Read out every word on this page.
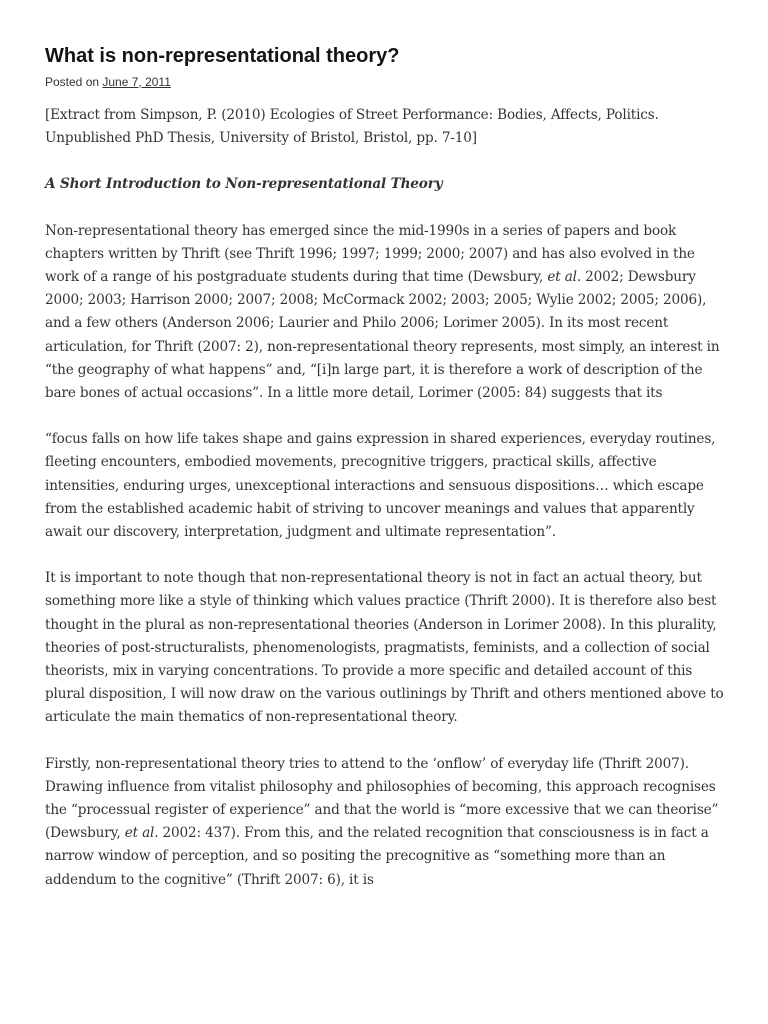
What is non-representational theory?
Posted on June 7, 2011

[Extract from Simpson, P. (2010) Ecologies of Street Performance: Bodies, Affects, Politics. Unpublished PhD Thesis, University of Bristol, Bristol, pp. 7-10]

A Short Introduction to Non-representational Theory

Non-representational theory has emerged since the mid-1990s in a series of papers and book chapters written by Thrift (see Thrift 1996; 1997; 1999; 2000; 2007) and has also evolved in the work of a range of his postgraduate students during that time (Dewsbury, et al. 2002; Dewsbury 2000; 2003; Harrison 2000; 2007; 2008; McCormack 2002; 2003; 2005; Wylie 2002; 2005; 2006), and a few others (Anderson 2006; Laurier and Philo 2006; Lorimer 2005). In its most recent articulation, for Thrift (2007: 2), non-representational theory represents, most simply, an interest in “the geography of what happens” and, “[i]n large part, it is therefore a work of description of the bare bones of actual occasions”. In a little more detail, Lorimer (2005: 84) suggests that its

“focus falls on how life takes shape and gains expression in shared experiences, everyday routines, fleeting encounters, embodied movements, precognitive triggers, practical skills, affective intensities, enduring urges, unexceptional interactions and sensuous dispositions… which escape from the established academic habit of striving to uncover meanings and values that apparently await our discovery, interpretation, judgment and ultimate representation”.

It is important to note though that non-representational theory is not in fact an actual theory, but something more like a style of thinking which values practice (Thrift 2000). It is therefore also best thought in the plural as non-representational theories (Anderson in Lorimer 2008). In this plurality, theories of post-structuralists, phenomenologists, pragmatists, feminists, and a collection of social theorists, mix in varying concentrations. To provide a more specific and detailed account of this plural disposition, I will now draw on the various outlinings by Thrift and others mentioned above to articulate the main thematics of non-representational theory.

Firstly, non-representational theory tries to attend to the ‘onflow’ of everyday life (Thrift 2007). Drawing influence from vitalist philosophy and philosophies of becoming, this approach recognises the “processual register of experience” and that the world is “more excessive that we can theorise” (Dewsbury, et al. 2002: 437). From this, and the related recognition that consciousness is in fact a narrow window of perception, and so positing the precognitive as “something more than an addendum to the cognitive” (Thrift 2007: 6), it is
